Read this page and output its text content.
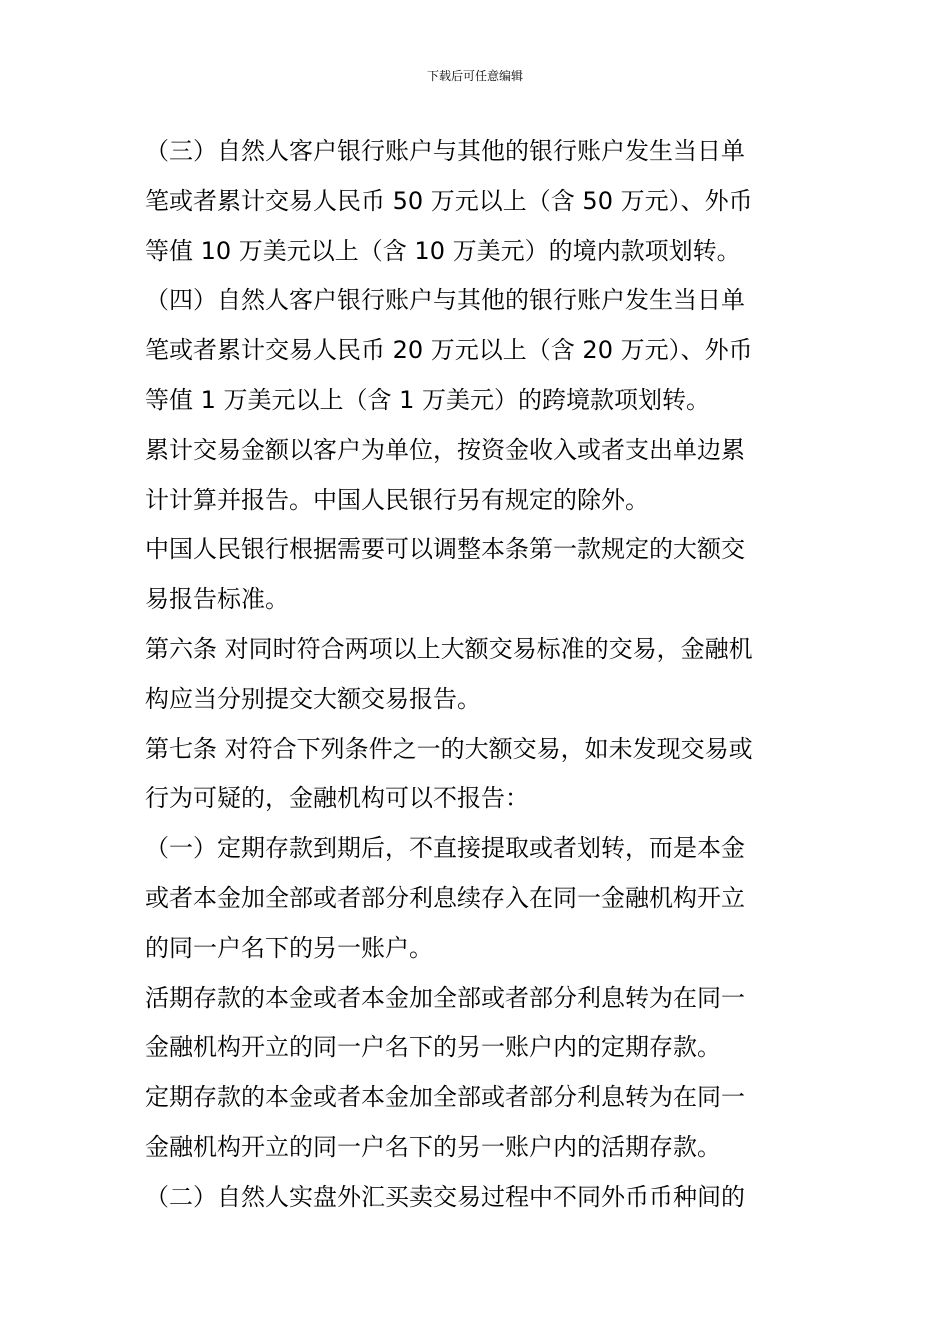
下载后可任意编辑
（三）自然人客户银行账户与其他的银行账户发生当日单
笔或者累计交易人民币 50 万元以上（含 50 万元）、外币
等值 10 万美元以上（含 10 万美元）的境内款项划转。
（四）自然人客户银行账户与其他的银行账户发生当日单
笔或者累计交易人民币 20 万元以上（含 20 万元）、外币
等值 1 万美元以上（含 1 万美元）的跨境款项划转。
累计交易金额以客户为单位，按资金收入或者支出单边累
计计算并报告。中国人民银行另有规定的除外。
中国人民银行根据需要可以调整本条第一款规定的大额交
易报告标准。
第六条 对同时符合两项以上大额交易标准的交易，金融机
构应当分别提交大额交易报告。
第七条 对符合下列条件之一的大额交易，如未发现交易或
行为可疑的，金融机构可以不报告：
（一）定期存款到期后，不直接提取或者划转，而是本金
或者本金加全部或者部分利息续存入在同一金融机构开立
的同一户名下的另一账户。
活期存款的本金或者本金加全部或者部分利息转为在同一
金融机构开立的同一户名下的另一账户内的定期存款。
定期存款的本金或者本金加全部或者部分利息转为在同一
金融机构开立的同一户名下的另一账户内的活期存款。
（二）自然人实盘外汇买卖交易过程中不同外币币种间的
